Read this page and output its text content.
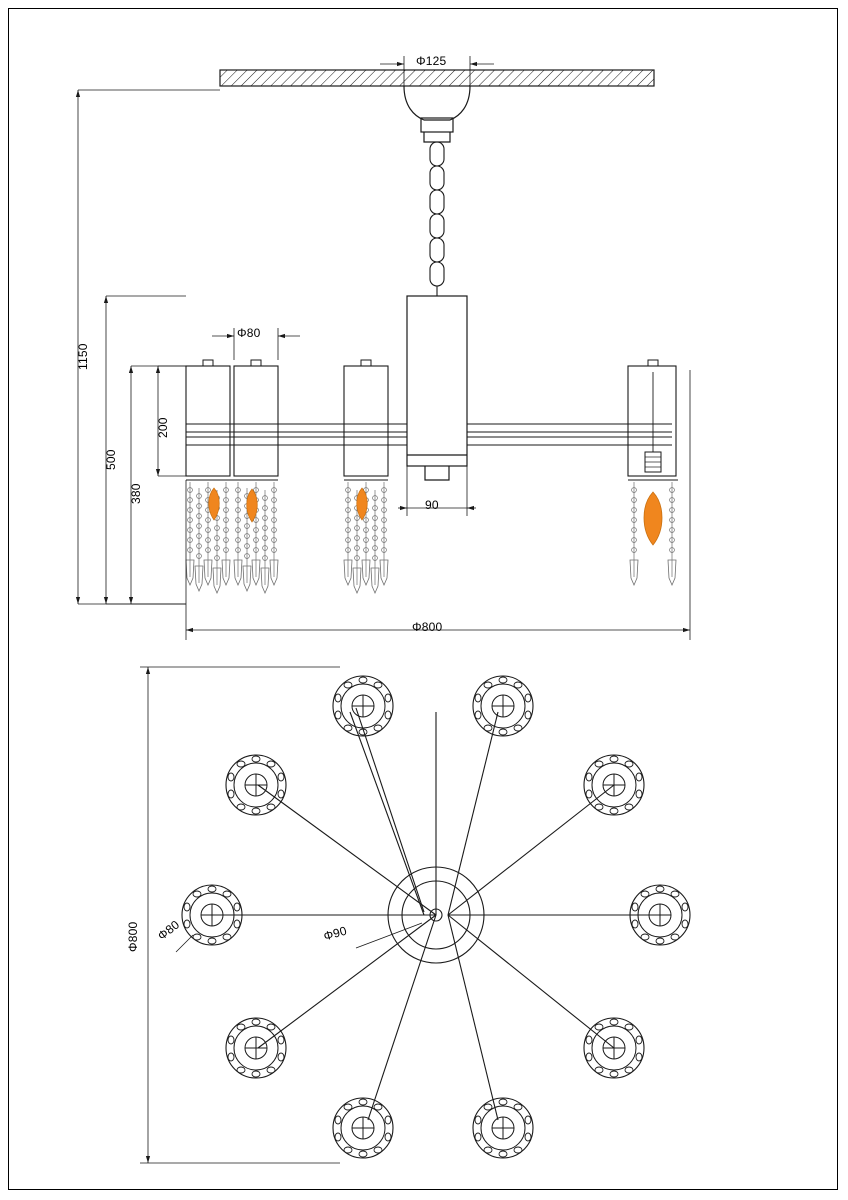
Φ125
Φ80
90
1150
500
380
200
Φ800
Φ800 Φ80	Φ90
